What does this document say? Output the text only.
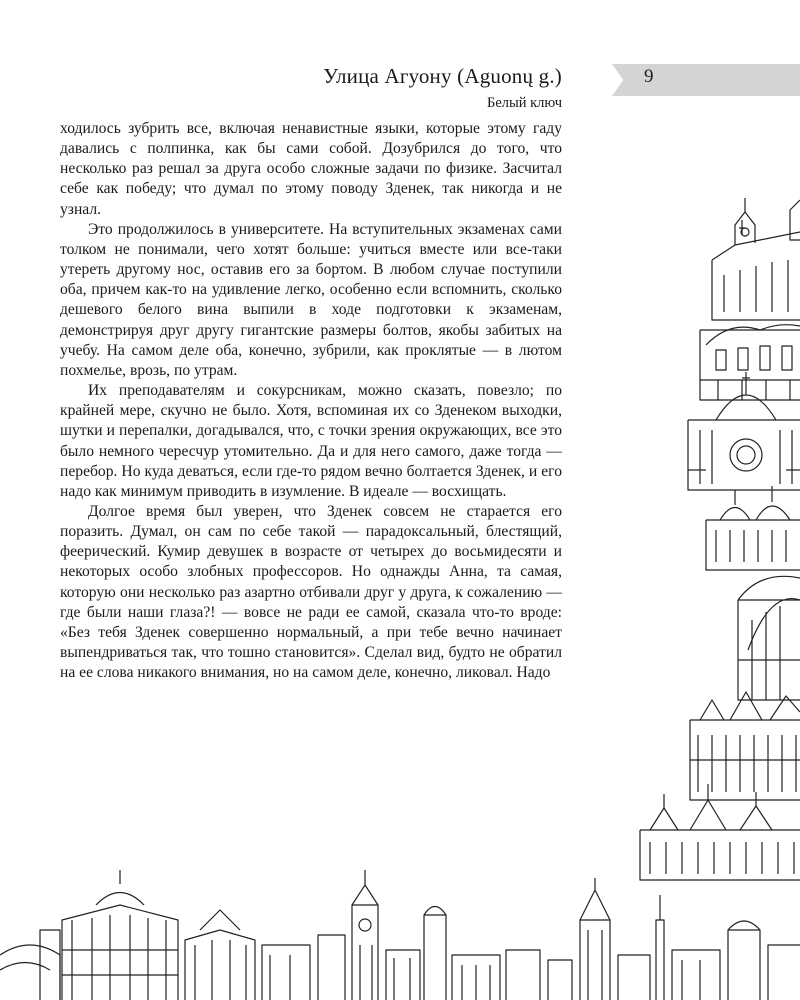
9
Улица Агуону (Aguonų g.)
Белый ключ

ходилось зубрить все, включая ненавистные языки, которые этому гаду давались с полпинка, как бы сами собой. Дозубрился до того, что несколько раз решал за друга особо сложные задачи по физике. Засчитал себе как победу; что думал по этому поводу Зденек, так никогда и не узнал.

Это продолжилось в университете. На вступительных экзаменах сами толком не понимали, чего хотят больше: учиться вместе или все-таки утереть другому нос, оставив его за бортом. В любом случае поступили оба, причем как-то на удивление легко, особенно если вспомнить, сколько дешевого белого вина выпили в ходе подготовки к экзаменам, демонстрируя друг другу гигантские размеры болтов, якобы забитых на учебу. На самом деле оба, конечно, зубрили, как проклятые — в лютом похмелье, врозь, по утрам.

Их преподавателям и сокурсникам, можно сказать, повезло; по крайней мере, скучно не было. Хотя, вспоминая их со Зденеком выходки, шутки и перепалки, догадывался, что, с точки зрения окружающих, все это было немного чересчур утомительно. Да и для него самого, даже тогда — перебор. Но куда деваться, если где-то рядом вечно болтается Зденек, и его надо как минимум приводить в изумление. В идеале — восхищать.

Долгое время был уверен, что Зденек совсем не старается его поразить. Думал, он сам по себе такой — парадоксальный, блестящий, феерический. Кумир девушек в возрасте от четырех до восьмидесяти и некоторых особо злобных профессоров. Но однажды Анна, та самая, которую они несколько раз азартно отбивали друг у друга, к сожалению — где были наши глаза?! — вовсе не ради ее самой, сказала что-то вроде: «Без тебя Зденек совершенно нормальный, а при тебе вечно начинает выпендриваться так, что тошно становится». Сделал вид, будто не обратил на ее слова никакого внимания, но на самом деле, конечно, ликовал. Надо
